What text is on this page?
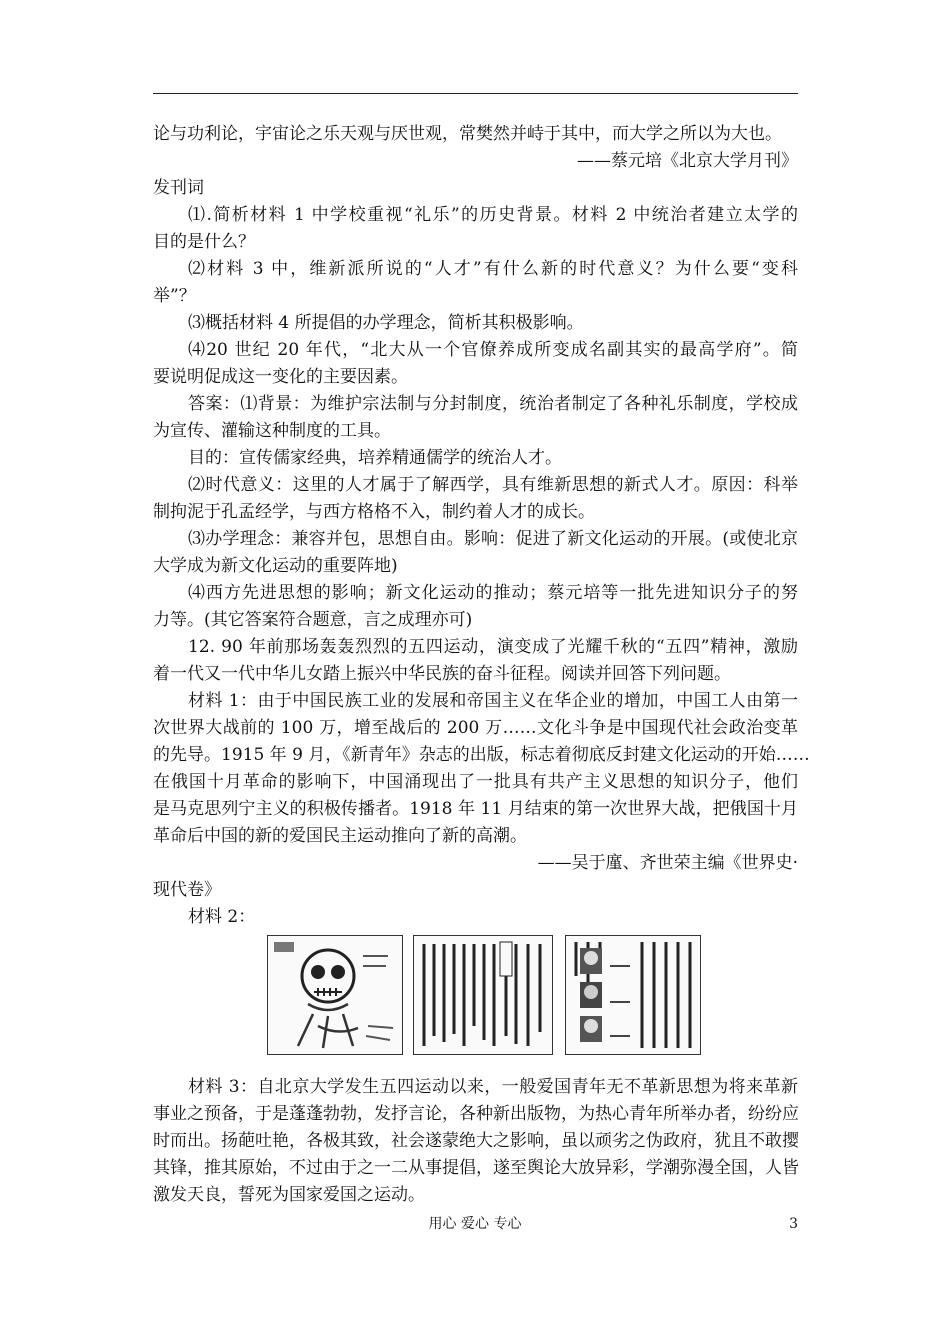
论与功利论，宇宙论之乐天观与厌世观，常樊然并峙于其中，而大学之所以为大也。
——蔡元培《北京大学月刊》
发刊词
⑴.简析材料 1 中学校重视“礼乐”的历史背景。材料 2 中统治者建立太学的
目的是什么？
⑵材料 3 中，维新派所说的“人才”有什么新的时代意义？为什么要“变科
举”？
⑶概括材料 4 所提倡的办学理念，简析其积极影响。
⑷20 世纪 20 年代，“北大从一个官僚养成所变成名副其实的最高学府”。简
要说明促成这一变化的主要因素。
答案：⑴背景：为维护宗法制与分封制度，统治者制定了各种礼乐制度，学校成
为宣传、灌输这种制度的工具。
目的：宣传儒家经典，培养精通儒学的统治人才。
⑵时代意义：这里的人才属于了解西学，具有维新思想的新式人才。原因：科举
制拘泥于孔孟经学，与西方格格不入，制约着人才的成长。
⑶办学理念：兼容并包，思想自由。影响：促进了新文化运动的开展。(或使北京
大学成为新文化运动的重要阵地)
⑷西方先进思想的影响；新文化运动的推动；蔡元培等一批先进知识分子的努
力等。(其它答案符合题意，言之成理亦可)
12. 90 年前那场轰轰烈烈的五四运动，演变成了光耀千秋的“五四”精神，激励
着一代又一代中华儿女踏上振兴中华民族的奋斗征程。阅读并回答下列问题。
材料 1：由于中国民族工业的发展和帝国主义在华企业的增加，中国工人由第一
次世界大战前的 100 万，增至战后的 200 万……文化斗争是中国现代社会政治变革
的先导。1915 年 9 月，《新青年》杂志的出版，标志着彻底反封建文化运动的开始……
在俄国十月革命的影响下，中国涌现出了一批具有共产主义思想的知识分子，他们
是马克思列宁主义的积极传播者。1918 年 11 月结束的第一次世界大战，把俄国十月
革命后中国的新的爱国民主运动推向了新的高潮。
——吴于廑、齐世荣主编《世界史·
现代卷》
材料 2：
材料 3：自北京大学发生五四运动以来，一般爱国青年无不革新思想为将来革新
事业之预备，于是蓬蓬勃勃，发抒言论，各种新出版物，为热心青年所举办者，纷纷应
时而出。扬葩吐艳，各极其致，社会遂蒙绝大之影响，虽以顽劣之伪政府，犹且不敢撄
其锋，推其原始，不过由于之一二从事提倡，遂至舆论大放异彩，学潮弥漫全国，人皆
激发天良，誓死为国家爱国之运动。
用心 爱心 专心	3
